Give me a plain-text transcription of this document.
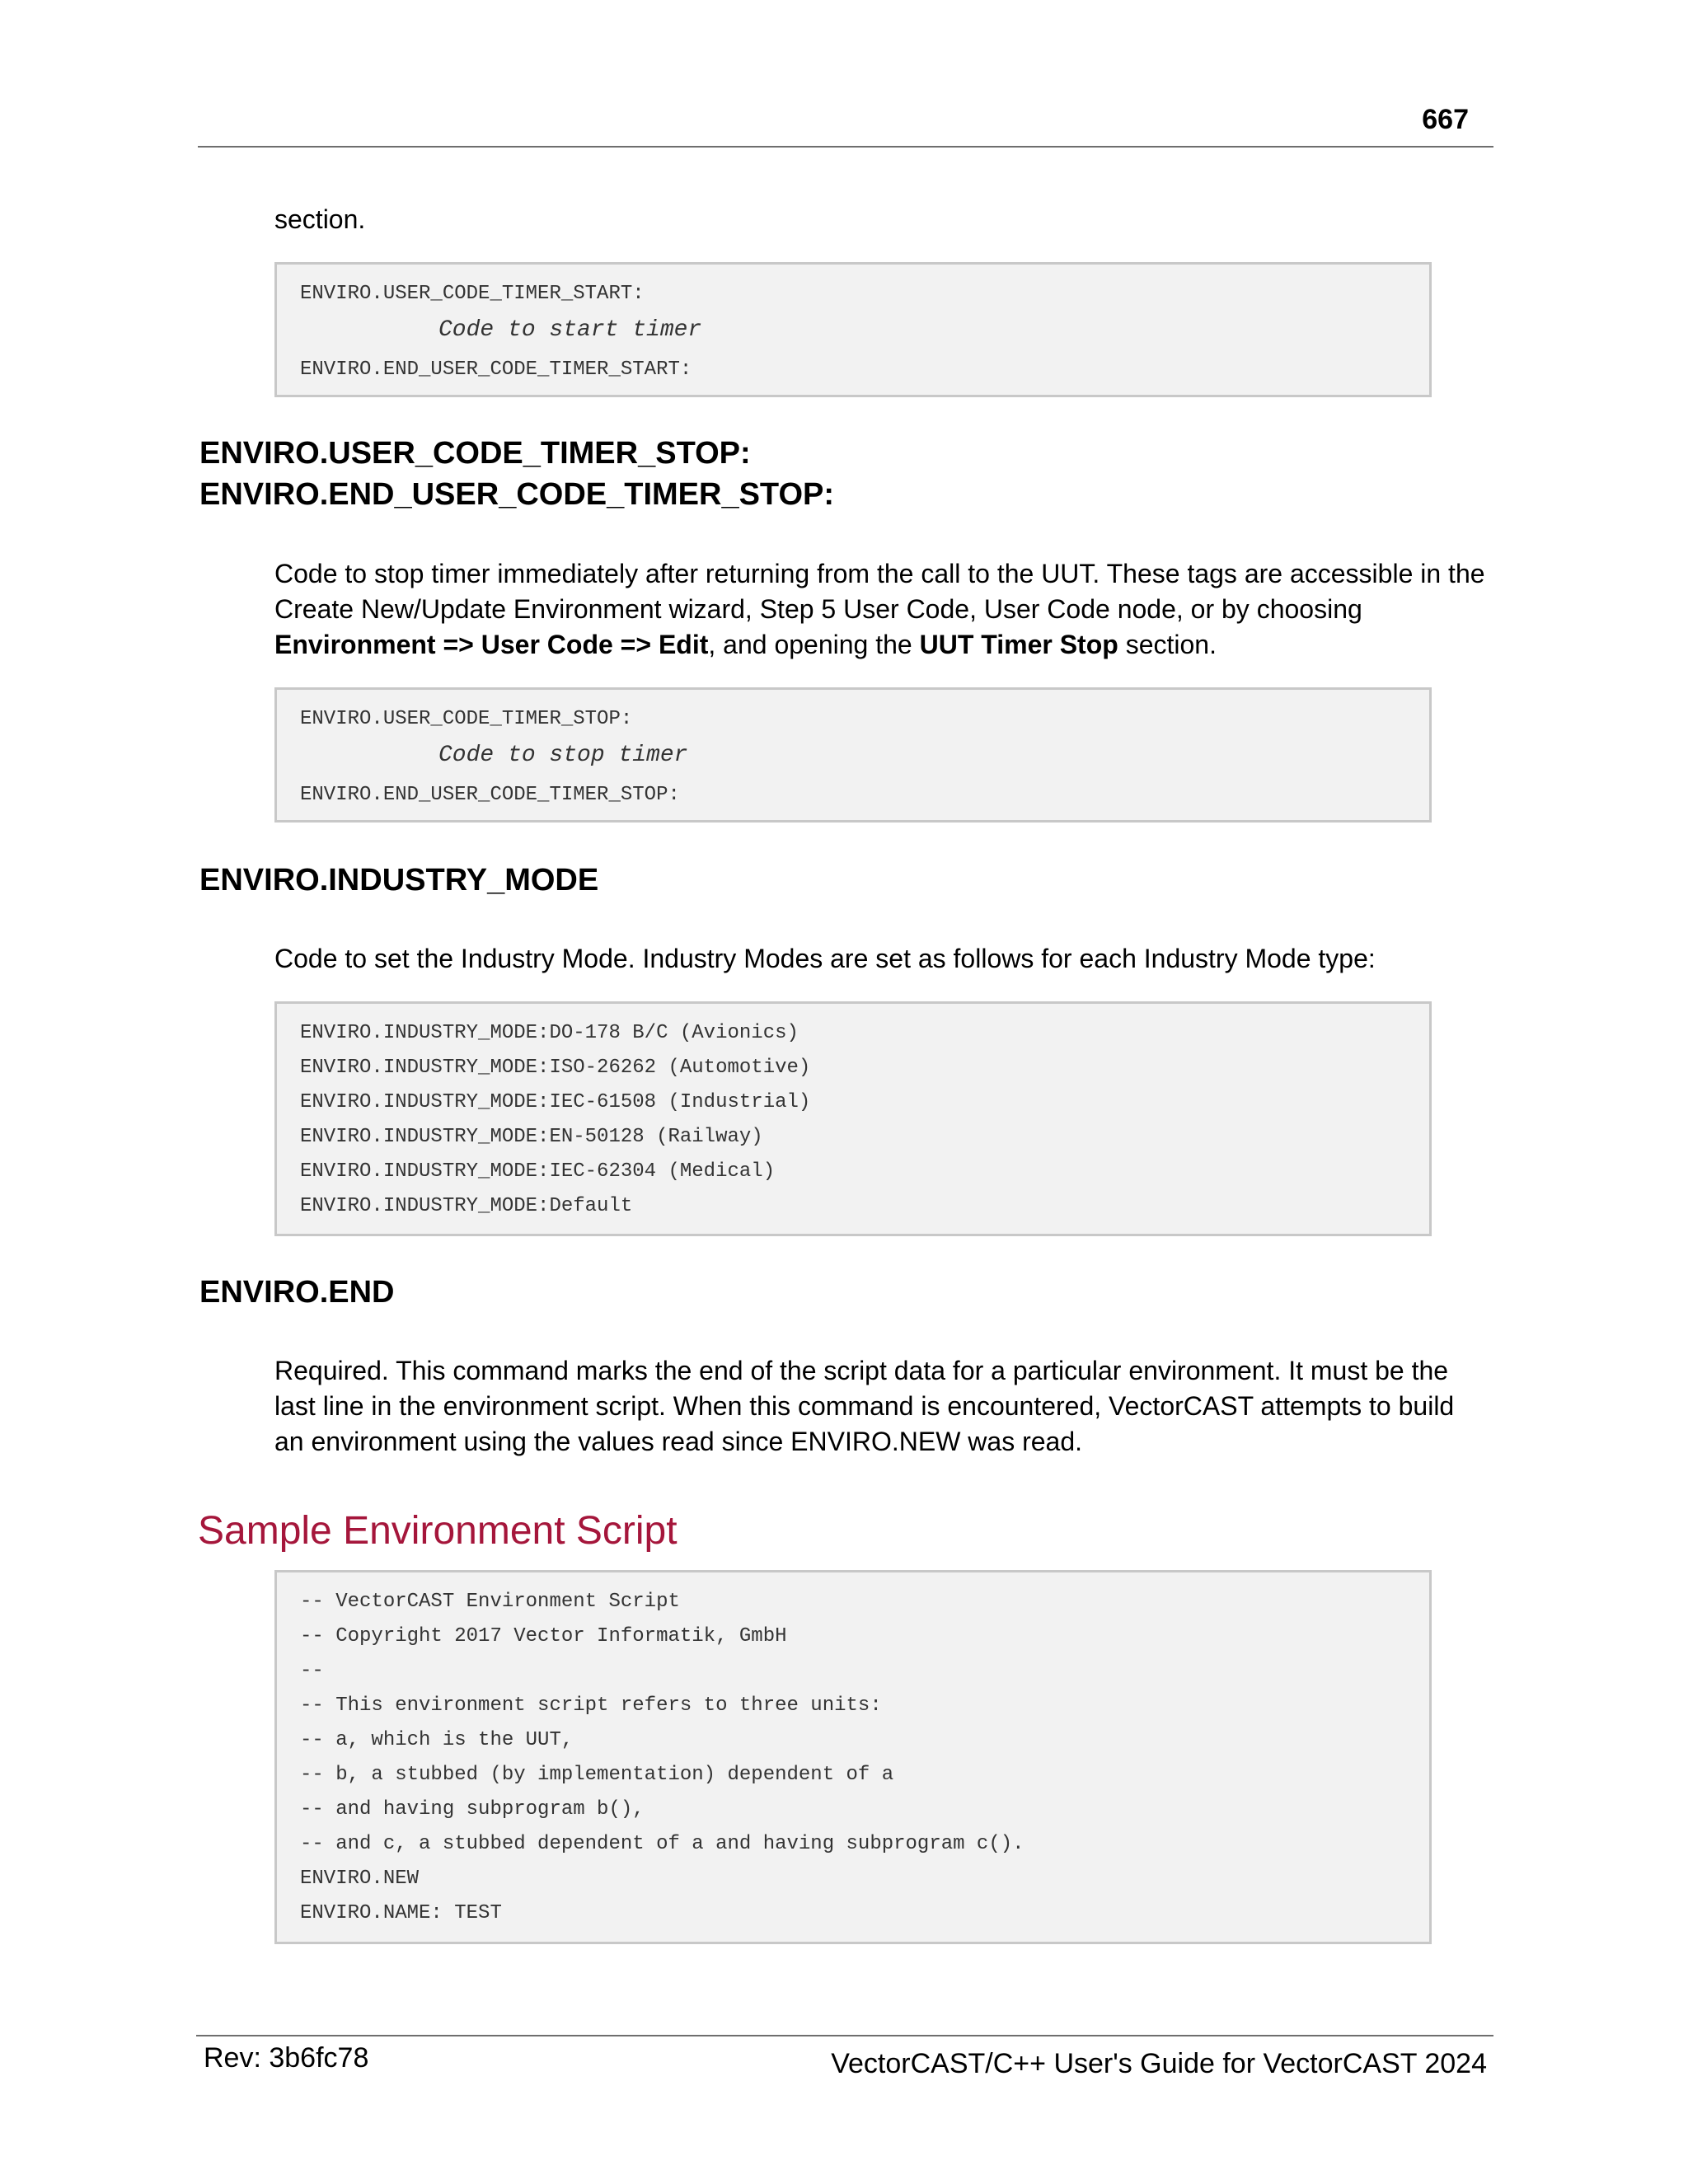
667

section.

ENVIRO.USER_CODE_TIMER_START:
Code to start timer
ENVIRO.END_USER_CODE_TIMER_START:
ENVIRO.USER_CODE_TIMER_STOP:
ENVIRO.END_USER_CODE_TIMER_STOP:

Code to stop timer immediately after returning from the call to the UUT. These tags are accessible in the Create New/Update Environment wizard, Step 5 User Code, User Code node, or by choosing Environment => User Code => Edit, and opening the UUT Timer Stop section.

ENVIRO.USER_CODE_TIMER_STOP:
Code to stop timer
ENVIRO.END_USER_CODE_TIMER_STOP:
ENVIRO.INDUSTRY_MODE

Code to set the Industry Mode. Industry Modes are set as follows for each Industry Mode type:

ENVIRO.INDUSTRY_MODE:DO-178 B/C (Avionics)
ENVIRO.INDUSTRY_MODE:ISO-26262 (Automotive)
ENVIRO.INDUSTRY_MODE:IEC-61508 (Industrial)
ENVIRO.INDUSTRY_MODE:EN-50128 (Railway)
ENVIRO.INDUSTRY_MODE:IEC-62304 (Medical)
ENVIRO.INDUSTRY_MODE:Default
ENVIRO.END

Required. This command marks the end of the script data for a particular environment. It must be the last line in the environment script. When this command is encountered, VectorCAST attempts to build an environment using the values read since ENVIRO.NEW was read.

Sample Environment Script
-- VectorCAST Environment Script
-- Copyright 2017 Vector Informatik, GmbH
--
-- This environment script refers to three units:
-- a, which is the UUT,
-- b, a stubbed (by implementation) dependent of a
-- and having subprogram b(),
-- and c, a stubbed dependent of a and having subprogram c().
ENVIRO.NEW
ENVIRO.NAME: TEST
Rev: 3b6fc78	VectorCAST/C++ User's Guide for VectorCAST 2024
